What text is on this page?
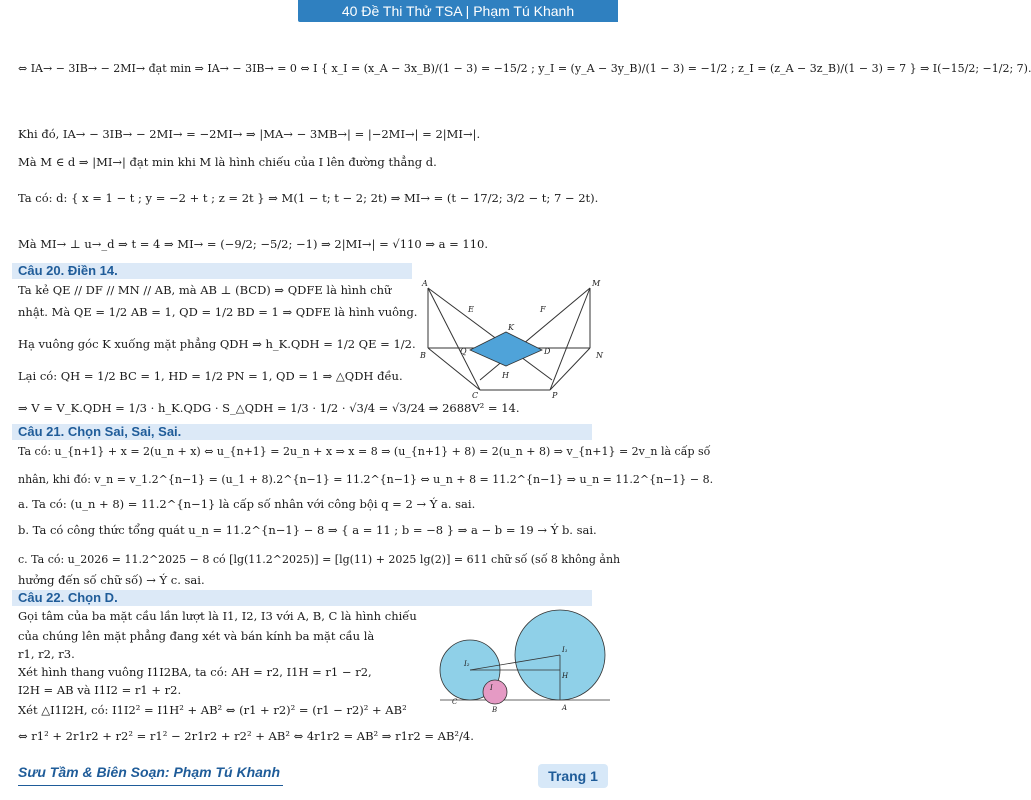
40 Đề Thi Thử TSA | Phạm Tú Khanh
⇔ IA→ − 3IB→ − 2MI→ đạt min ⇒ IA→ − 3IB→ = 0 ⇔ I { x_I = (x_A − 3x_B)/(1 − 3) = −15/2 ; y_I = (y_A − 3y_B)/(1 − 3) = −1/2 ; z_I = (z_A − 3z_B)/(1 − 3) = 7 } ⇒ I(−15/2; −1/2; 7).
Khi đó, IA→ − 3IB→ − 2MI→ = −2MI→ ⇒ |MA→ − 3MB→| = |−2MI→| = 2|MI→|.
Mà M ∈ d ⇒ |MI→| đạt min khi M là hình chiếu của I lên đường thẳng d.
Ta có: d: { x = 1 − t ; y = −2 + t ; z = 2t } ⇒ M(1 − t; t − 2; 2t) ⇒ MI→ = (t − 17/2; 3/2 − t; 7 − 2t).
Mà MI→ ⊥ u→_d ⇒ t = 4 ⇒ MI→ = (−9/2; −5/2; −1) ⇒ 2|MI→| = √110 ⇒ a = 110.
Câu 20. Điền 14.
Ta kẻ QE // DF // MN // AB, mà AB ⊥ (BCD) ⇒ QDFE là hình chữ
nhật. Mà QE = 1/2 AB = 1, QD = 1/2 BD = 1 ⇒ QDFE là hình vuông.
Hạ vuông góc K xuống mặt phẳng QDH ⇒ h_K.QDH = 1/2 QE = 1/2.
Lại có: QH = 1/2 BC = 1, HD = 1/2 PN = 1, QD = 1 ⇒ △QDH đều.
⇒ V = V_K.QDH = 1/3 · h_K.QDG · S_△QDH = 1/3 · 1/2 · √3/4 = √3/24 ⇒ 2688V² = 14.
A	M
E	F
K
D	N
B	Q
H
C	P
Câu 21. Chọn Sai, Sai, Sai.
Ta có: u_{n+1} + x = 2(u_n + x) ⇔ u_{n+1} = 2u_n + x ⇒ x = 8 ⇒ (u_{n+1} + 8) = 2(u_n + 8) ⇒ v_{n+1} = 2v_n là cấp số
nhân, khi đó: v_n = v_1.2^{n−1} = (u_1 + 8).2^{n−1} = 11.2^{n−1} ⇔ u_n + 8 = 11.2^{n−1} ⇒ u_n = 11.2^{n−1} − 8.
a. Ta có: (u_n + 8) = 11.2^{n−1} là cấp số nhân với công bội q = 2 → Ý a. sai.
b. Ta có công thức tổng quát u_n = 11.2^{n−1} − 8 ⇒ { a = 11 ; b = −8 } ⇒ a − b = 19 → Ý b. sai.
c. Ta có: u_2026 = 11.2^2025 − 8 có [lg(11.2^2025)] = [lg(11) + 2025 lg(2)] = 611 chữ số (số 8 không ảnh
hưởng đến số chữ số) → Ý c. sai.
Câu 22. Chọn D.
Gọi tâm của ba mặt cầu lần lượt là I1, I2, I3 với A, B, C là hình chiếu
của chúng lên mặt phẳng đang xét và bán kính ba mặt cầu là
r1, r2, r3.
Xét hình thang vuông I1I2BA, ta có: AH = r2, I1H = r1 − r2,
I2H = AB và I1I2 = r1 + r2.
Xét △I1I2H, có: I1I2² = I1H² + AB² ⇔ (r1 + r2)² = (r1 − r2)² + AB²
⇔ r1² + 2r1r2 + r2² = r1² − 2r1r2 + r2² + AB² ⇔ 4r1r2 = AB² ⇒ r1r2 = AB²/4.
I₁
I₂
H
I
C
A
B
Sưu Tầm & Biên Soạn: Phạm Tú Khanh	Trang 1
